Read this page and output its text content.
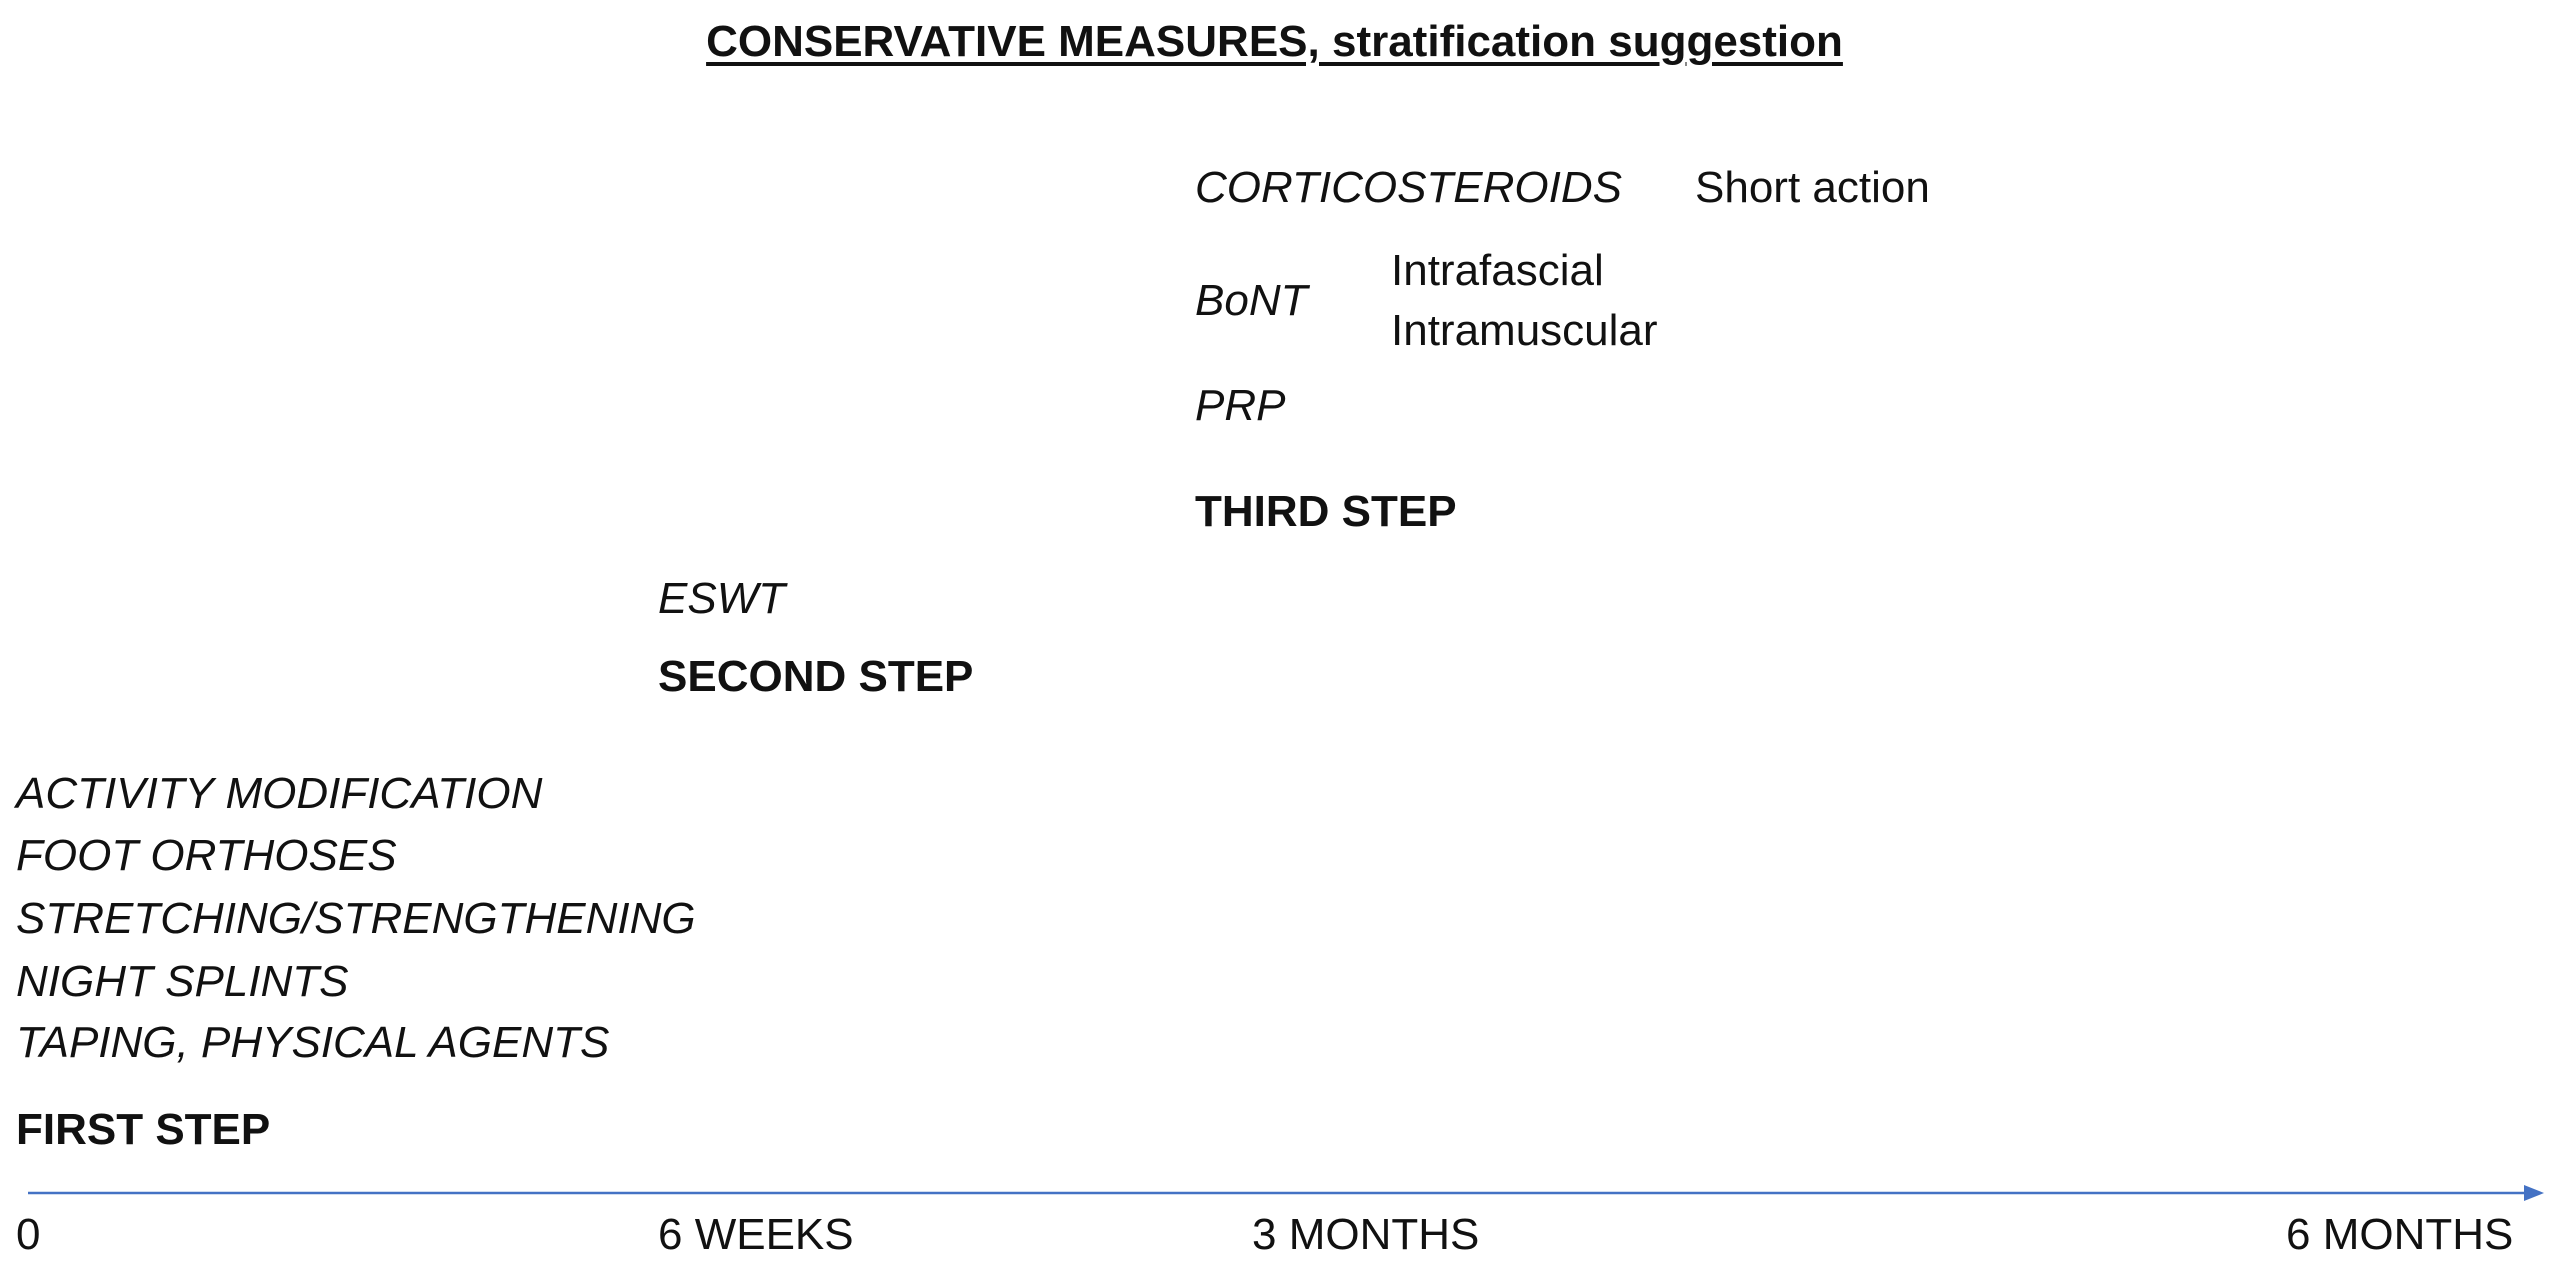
CONSERVATIVE MEASURES, stratification suggestion
CORTICOSTEROIDS Short action
BoNT
Intrafascial
Intramuscular
PRP
THIRD STEP
ESWT
SECOND STEP
ACTIVITY MODIFICATION
FOOT ORTHOSES
STRETCHING/STRENGTHENING
NIGHT SPLINTS
TAPING, PHYSICAL AGENTS
FIRST STEP
0	6 WEEKS	3 MONTHS	6 MONTHS
